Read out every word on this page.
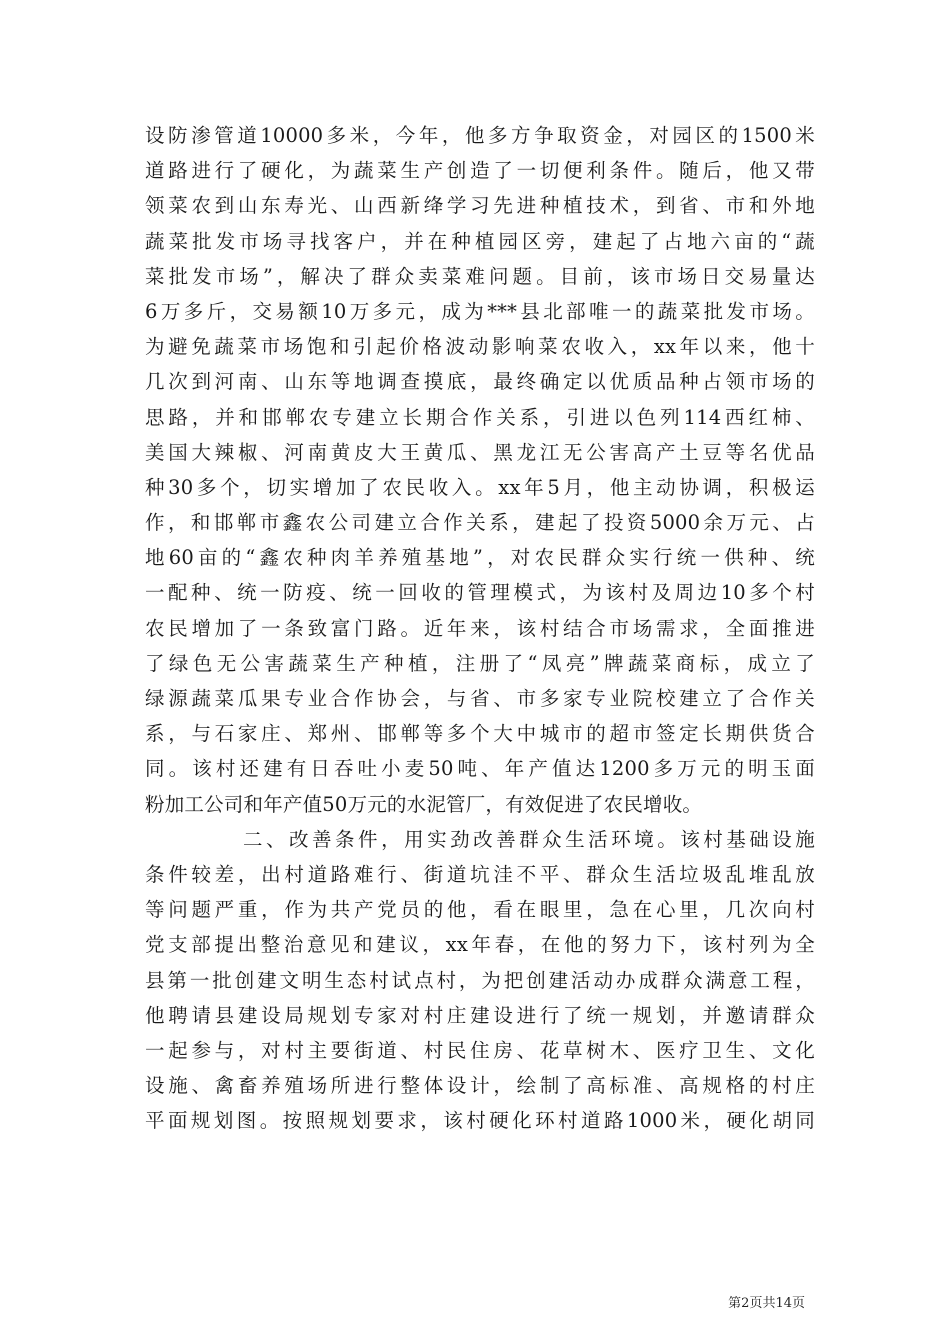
设防渗管道10000多米，今年，他多方争取资金，对园区的1500米
道路进行了硬化，为蔬菜生产创造了一切便利条件。随后，他又带
领菜农到山东寿光、山西新绛学习先进种植技术，到省、市和外地
蔬菜批发市场寻找客户，并在种植园区旁，建起了占地六亩的“蔬
菜批发市场”，解决了群众卖菜难问题。目前，该市场日交易量达
6万多斤，交易额10万多元，成为***县北部唯一的蔬菜批发市场。
为避免蔬菜市场饱和引起价格波动影响菜农收入，xx年以来，他十
几次到河南、山东等地调查摸底，最终确定以优质品种占领市场的
思路，并和邯郸农专建立长期合作关系，引进以色列114西红柿、
美国大辣椒、河南黄皮大王黄瓜、黑龙江无公害高产土豆等名优品
种30多个，切实增加了农民收入。xx年5月，他主动协调，积极运
作，和邯郸市鑫农公司建立合作关系，建起了投资5000余万元、占
地60亩的“鑫农种肉羊养殖基地”，对农民群众实行统一供种、统
一配种、统一防疫、统一回收的管理模式，为该村及周边10多个村
农民增加了一条致富门路。近年来，该村结合市场需求，全面推进
了绿色无公害蔬菜生产种植，注册了“凤亮”牌蔬菜商标，成立了
绿源蔬菜瓜果专业合作协会，与省、市多家专业院校建立了合作关
系，与石家庄、郑州、邯郸等多个大中城市的超市签定长期供货合
同。该村还建有日吞吐小麦50吨、年产值达1200多万元的明玉面
粉加工公司和年产值50万元的水泥管厂，有效促进了农民增收。
二、改善条件，用实劲改善群众生活环境。该村基础设施
条件较差，出村道路难行、街道坑洼不平、群众生活垃圾乱堆乱放
等问题严重，作为共产党员的他，看在眼里，急在心里，几次向村
党支部提出整治意见和建议，xx年春，在他的努力下，该村列为全
县第一批创建文明生态村试点村，为把创建活动办成群众满意工程，
他聘请县建设局规划专家对村庄建设进行了统一规划，并邀请群众
一起参与，对村主要街道、村民住房、花草树木、医疗卫生、文化
设施、禽畜养殖场所进行整体设计，绘制了高标准、高规格的村庄
平面规划图。按照规划要求，该村硬化环村道路1000米，硬化胡同
第2页共14页
